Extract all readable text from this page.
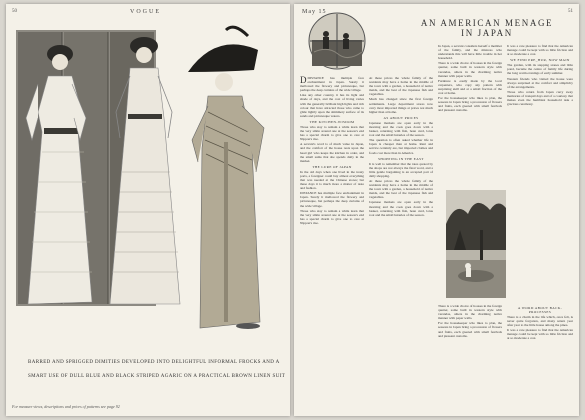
50	VOGUE
BARRED AND SPRIGGED DIMITIES DEVELOPED INTO DELIGHTFUL INFORMAL FROCKS AND A
SMART USE OF DULL BLUE AND BLACK STRIPED AGARIC ON A PRACTICAL BROWN LINEN SUIT
For measure views, descriptions and prices of patterns see page 92
May 15	51
AN AMERICAN MENAGE
IN JAPAN

DDISTANCE has multiple face enchantment in Japan. Surely it mellowed the flowery and picturesque, but perhaps the deep curtains of the wide village.

Like any other country, it has its light and shade of days, and the cost of living varies with the generally brilliant high lights and rich colour that have attracted those who came to glide lightly upon the shimmery surface of its sands and picturesque waters.

THE KITCHEN-WISDOM

Those who stay to remain a while learn that the very smile around one at the season's end has a special charm to give one to care at Nippon's rise.

A servant's word is of much value in Japan, and the comfort of the house rests upon the head girl who keeps the kitchen in order, and the small sums that she spends daily in the market.

THE LURE OF JAPAN

In the old days when one lived in the treaty ports, a foreigner could buy almost everything that was needed at the Chinese stores; but these days it is much more a matter of taste and fashion.

DISTANCE has multiple face enchantment in Japan. Surely it mellowed the flowery and picturesque, but perhaps the deep curtains of the wide village.

Those who stay to remain a while learn that the very smile around one at the season's end has a special charm to give one to care at Nippon's rise.

At these prices the whole family of the residents may have a home in the middle of the town with a garden, a household of native maids, and the best of the Japanese fish and vegetables.

Much has changed since the first foreign settlements. Large department stores now carry most imported things at prices not much higher than at home.

AS ABOUT PRICES

Japanese markets are open early in the morning and the cook goes down with a basket, returning with fish, bean curd, lotus root and the small luxuries of the season.

The question is often asked whether life in Japan is cheaper than at home. Rent and service certainly are, but imported clothes and foods cost more than in America.

SHOPPING IN THE EAST

It is well to remember that the rates quoted by the shops are not always the final word, and a little gentle bargaining is an accepted part of daily shopping.

At these prices the whole family of the residents may have a home in the middle of the town with a garden, a household of native maids, and the best of the Japanese fish and vegetables.

Japanese markets are open early in the morning and the cook goes down with a basket, returning with fish, bean curd, lotus root and the small luxuries of the season.

In Japan, a servant considers herself a member of the family, and the mistress who understands this will have little trouble in her household.

There is a wide choice of houses in the foreign quarter, some built in western style with verandas, others in the charming native manner with paper walls.

Furniture is easily made by the local carpenters, who copy any pattern with surprising skill and at a small fraction of the cost at home.

For the housekeeper who likes to plan, the seasons in Japan bring a procession of flowers and fruits, each greeted with small festivals and pleasant customs.

There is a wide choice of houses in the foreign quarter, some built in western style with verandas, others in the charming native manner with paper walls.

For the housekeeper who likes to plan, the seasons in Japan bring a procession of flowers and fruits, each greeted with small festivals and pleasant customs.

It was a rare pleasure to find that the American menage could be kept with so little friction and at so moderate a cost.

WE FIND PRE_HUR, NOW MAIN

The garden, with its stepping stones and little pond, became the centre of family life during the long warm evenings of early summer.

Western friends who visited the house were always surprised at the comfort and simplicity of the arrangements.

Those who return from Japan carry away memories of tranquil days and of a courtesy that makes even the humblest household task a gracious ceremony.

A WORD ABOUT BACK-PROCESSES

There is a charm in the life which, once felt, is never quite forgotten, and many return year after year to the little house among the pines.

It was a rare pleasure to find that the American menage could be kept with so little friction and at so moderate a cost.
